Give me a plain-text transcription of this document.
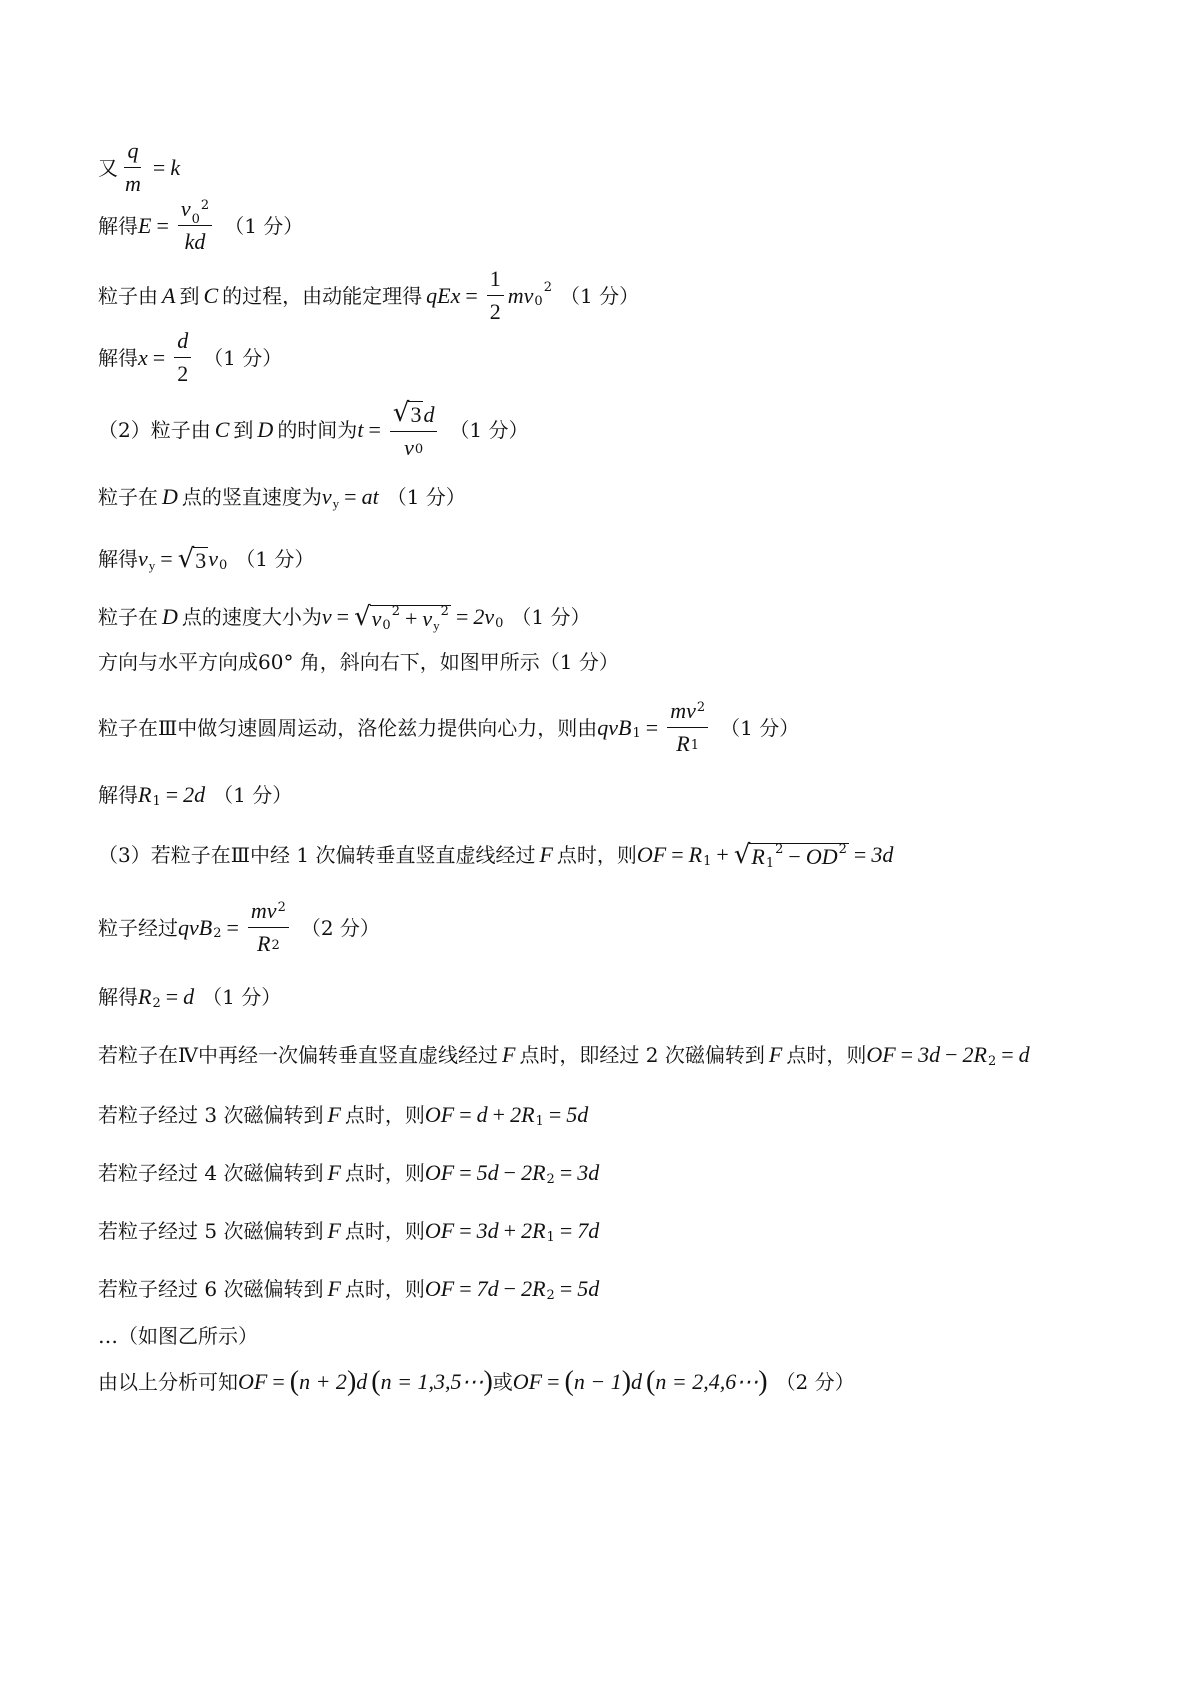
又 $\frac{q}{m} = k$
解得 $E = v_0$
$^2$
kd （1 分）
粒子由 A 到 C 的过程，由动能定理得 qEx = $\frac{1}{2} mv_0$
$^2$ （1 分）
解得 $x = \frac{d}{2} (1$ 分）
（2）粒子由 C 到 D 的时间为 $t = \frac{√ 3 d}{v_0} (1$ 分）
粒子在 D 点的竖直速度为 $v_y$ = at （1 分）
解得 $v_y$ = √ 3 $v_0$ （1 分）
粒子在 D 点的速度大小为 v = √ $v_0$
$^2 + v_y$
$^2 = 2v_0$ （1 分）
方向与水平方向成60° 角，斜向右下，如图甲所示（1 分）
粒子在Ⅲ中做匀速圆周运动，洛伦兹力提供向心力，则由 $qvB_1 = \frac{mv^2}{R_1} (1$ 分）
解得 $R_1 = 2d$ （1 分）
（3）若粒子在Ⅲ中经 1 次偏转垂直竖直虚线经过 F 点时，则 OF = $R_1$ + √ $R_1$
$^2 - OD^2 = 3d$
粒子经过 $qvB_2 = \frac{mv^2}{R_2} (2$ 分）
解得 $R_2 = d$ （1 分）
若粒子在Ⅳ中再经一次偏转垂直竖直虚线经过 F 点时，即经过 2 次磁偏转到 F 点时，则 OF = $3d - 2R_2 = d$
若粒子经过 3 次磁偏转到 F 点时，则 OF = $d + 2R_1 = 5d$
若粒子经过 4 次磁偏转到 F 点时，则 OF = $5d - 2R_2 = 3d$
若粒子经过 5 次磁偏转到 F 点时，则 OF = $3d + 2R_1 = 7d$
若粒子经过 6 次磁偏转到 F 点时，则 OF = $7d - 2R_2 = 5d$
…（如图乙所示）
由以上分析可知 OF = ( n + 2 ) d ( n = 1,3,5⋯ ) 或 OF = ( n − 1 ) d ( n = 2,4,6⋯ ) （2 分）
